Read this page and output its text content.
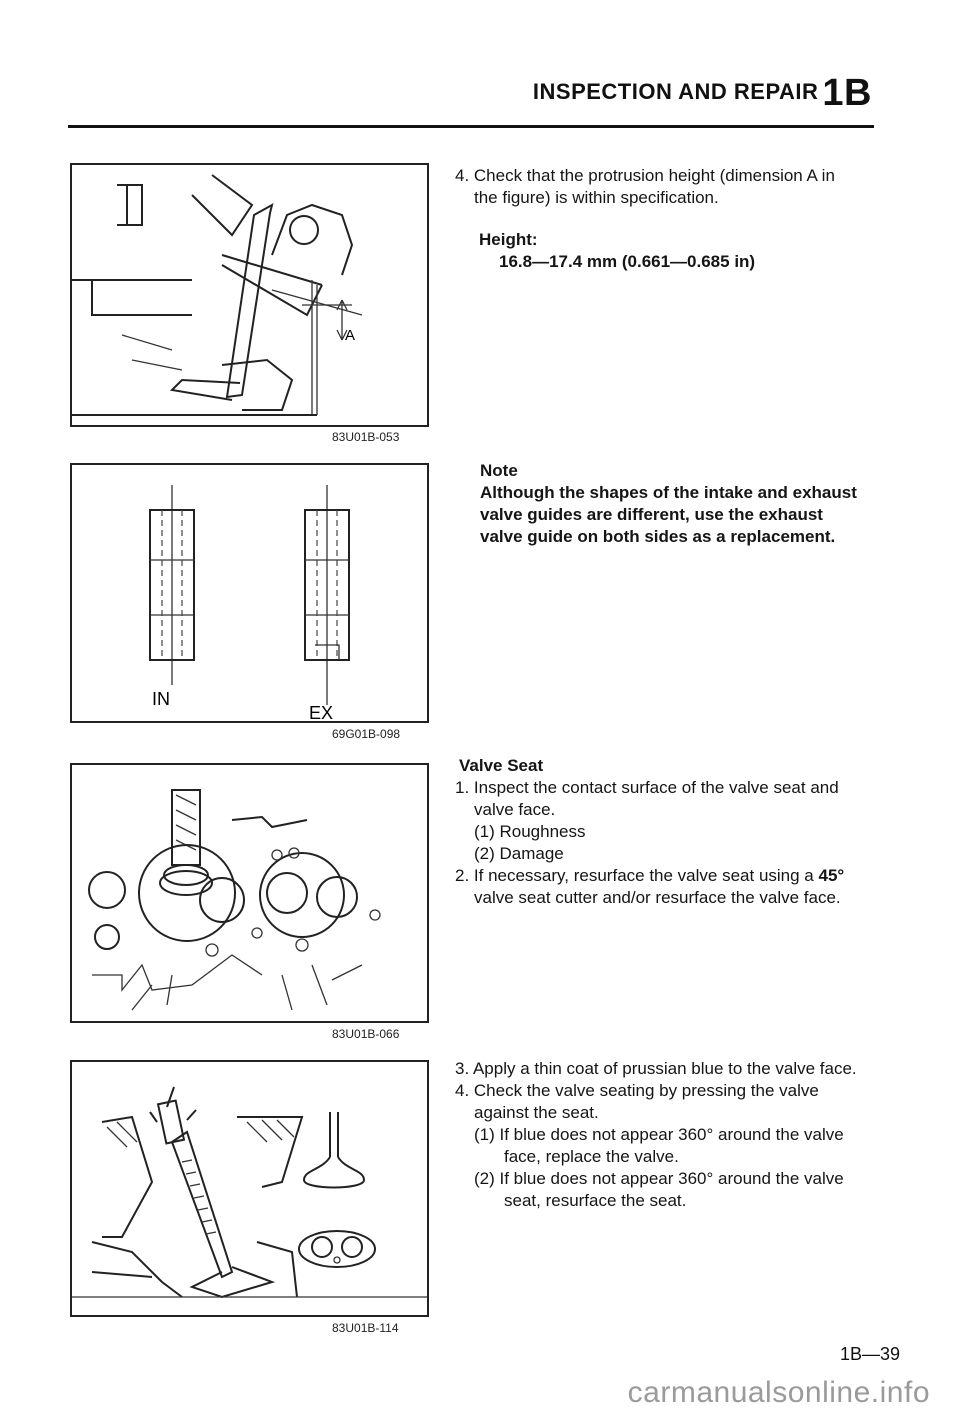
INSPECTION AND REPAIR 1B
A
83U01B-053
IN
EX
69G01B-098
83U01B-066
83U01B-114
4. Check that the protrusion height (dimension A in
the figure) is within specification.
Height:
16.8—17.4 mm (0.661—0.685 in)
Note
Although the shapes of the intake and exhaust
valve guides are different, use the exhaust
valve guide on both sides as a replacement.
Valve Seat
1. Inspect the contact surface of the valve seat and
valve face.
(1) Roughness
(2) Damage
2. If necessary, resurface the valve seat using a 45°
valve seat cutter and/or resurface the valve face.
3. Apply a thin coat of prussian blue to the valve face.
4. Check the valve seating by pressing the valve
against the seat.
(1) If blue does not appear 360° around the valve
face, replace the valve.
(2) If blue does not appear 360° around the valve
seat, resurface the seat.
1B—39
carmanualsonline.info
